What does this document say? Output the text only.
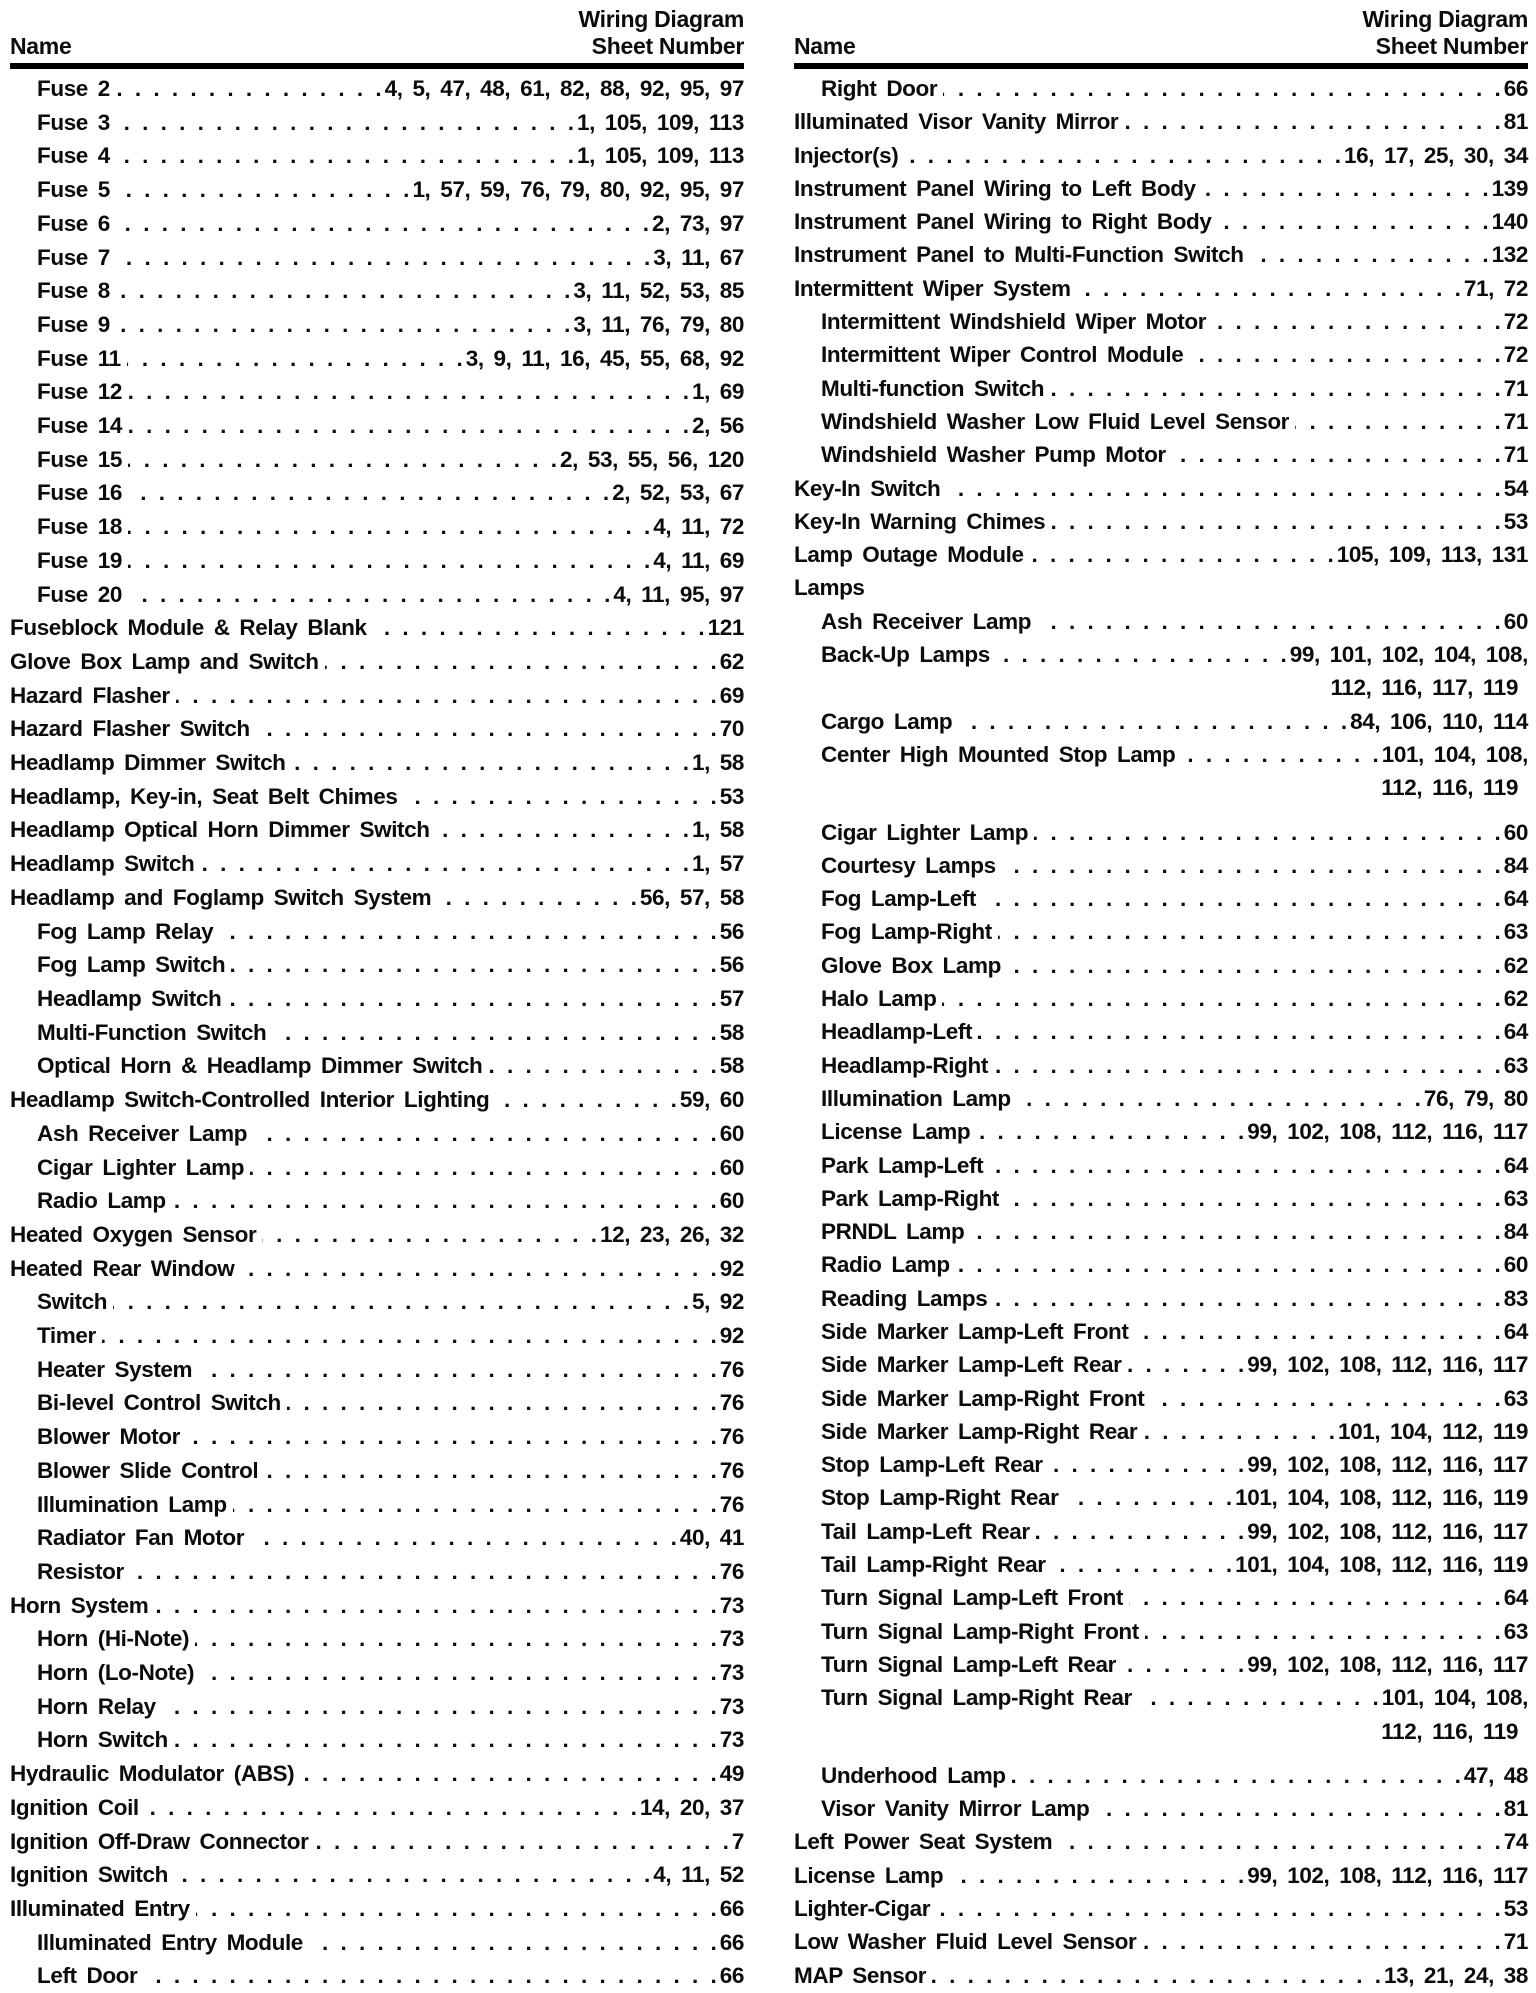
Name
Wiring Diagram
Sheet Number
Fuse 2 . . .	4, 5, 47, 48, 61, 82, 88, 92, 95, 97
Fuse 3 . . .	1, 105, 109, 113
Fuse 4 . . .	1, 105, 109, 113
Fuse 5 . . .	1, 57, 59, 76, 79, 80, 92, 95, 97
Fuse 6 . . .	2, 73, 97
Fuse 7 . . .	3, 11, 67
Fuse 8 . . .	3, 11, 52, 53, 85
Fuse 9 . . .	3, 11, 76, 79, 80
Fuse 11 . . .	3, 9, 11, 16, 45, 55, 68, 92
Fuse 12 . . .	1, 69
Fuse 14 . . .	2, 56
Fuse 15 . . .	2, 53, 55, 56, 120
Fuse 16 . . .	2, 52, 53, 67
Fuse 18 . . .	4, 11, 72
Fuse 19 . . .	4, 11, 69
Fuse 20 . . .	4, 11, 95, 97
Fuseblock Module & Relay Blank . . .	121
Glove Box Lamp and Switch . . .	62
Hazard Flasher . . .	69
Hazard Flasher Switch . . .	70
Headlamp Dimmer Switch . . .	1, 58
Headlamp, Key-in, Seat Belt Chimes . . .	53
Headlamp Optical Horn Dimmer Switch . . .	1, 58
Headlamp Switch . . .	1, 57
Headlamp and Foglamp Switch System . . .	56, 57, 58
Fog Lamp Relay . . .	56
Fog Lamp Switch . . .	56
Headlamp Switch . . .	57
Multi-Function Switch . . .	58
Optical Horn & Headlamp Dimmer Switch . . .	58
Headlamp Switch-Controlled Interior Lighting . . .	59, 60
Ash Receiver Lamp . . .	60
Cigar Lighter Lamp . . .	60
Radio Lamp . . .	60
Heated Oxygen Sensor . . .	12, 23, 26, 32
Heated Rear Window . . .	92
Switch . . .	5, 92
Timer . . .	92
Heater System . . .	76
Bi-level Control Switch . . .	76
Blower Motor . . .	76
Blower Slide Control . . .	76
Illumination Lamp . . .	76
Radiator Fan Motor . . .	40, 41
Resistor . . .	76
Horn System . . .	73
Horn (Hi-Note) . . .	73
Horn (Lo-Note) . . .	73
Horn Relay . . .	73
Horn Switch . . .	73
Hydraulic Modulator (ABS) . . .	49
Ignition Coil . . .	14, 20, 37
Ignition Off-Draw Connector . . .	7
Ignition Switch . . .	4, 11, 52
Illuminated Entry . . .	66
Illuminated Entry Module . . .	66
Left Door . . .	66
Name
Wiring Diagram
Sheet Number
Right Door . . .	66
Illuminated Visor Vanity Mirror . . .	81
Injector(s) . . .	16, 17, 25, 30, 34
Instrument Panel Wiring to Left Body . . .	139
Instrument Panel Wiring to Right Body . . .	140
Instrument Panel to Multi-Function Switch . . .	132
Intermittent Wiper System . . .	71, 72
Intermittent Windshield Wiper Motor . . .	72
Intermittent Wiper Control Module . . .	72
Multi-function Switch . . .	71
Windshield Washer Low Fluid Level Sensor . . .	71
Windshield Washer Pump Motor . . .	71
Key-In Switch . . .	54
Key-In Warning Chimes . . .	53
Lamp Outage Module . . .	105, 109, 113, 131
Lamps
Ash Receiver Lamp . . .	60
Back-Up Lamps . . .	99, 101, 102, 104, 108,
112, 116, 117, 119
Cargo Lamp . . .	84, 106, 110, 114
Center High Mounted Stop Lamp . . .	101, 104, 108,
112, 116, 119
Cigar Lighter Lamp . . .	60
Courtesy Lamps . . .	84
Fog Lamp-Left . . .	64
Fog Lamp-Right . . .	63
Glove Box Lamp . . .	62
Halo Lamp . . .	62
Headlamp-Left . . .	64
Headlamp-Right . . .	63
Illumination Lamp . . .	76, 79, 80
License Lamp . . .	99, 102, 108, 112, 116, 117
Park Lamp-Left . . .	64
Park Lamp-Right . . .	63
PRNDL Lamp . . .	84
Radio Lamp . . .	60
Reading Lamps . . .	83
Side Marker Lamp-Left Front . . .	64
Side Marker Lamp-Left Rear . . .	99, 102, 108, 112, 116, 117
Side Marker Lamp-Right Front . . .	63
Side Marker Lamp-Right Rear . . .	101, 104, 112, 119
Stop Lamp-Left Rear . . .	99, 102, 108, 112, 116, 117
Stop Lamp-Right Rear . . .	101, 104, 108, 112, 116, 119
Tail Lamp-Left Rear . . .	99, 102, 108, 112, 116, 117
Tail Lamp-Right Rear . . .	101, 104, 108, 112, 116, 119
Turn Signal Lamp-Left Front . . .	64
Turn Signal Lamp-Right Front . . .	63
Turn Signal Lamp-Left Rear . . .	99, 102, 108, 112, 116, 117
Turn Signal Lamp-Right Rear . . .	101, 104, 108,
112, 116, 119
Underhood Lamp . . .	47, 48
Visor Vanity Mirror Lamp . . .	81
Left Power Seat System . . .	74
License Lamp . . .	99, 102, 108, 112, 116, 117
Lighter-Cigar . . .	53
Low Washer Fluid Level Sensor . . .	71
MAP Sensor . . .	13, 21, 24, 38
